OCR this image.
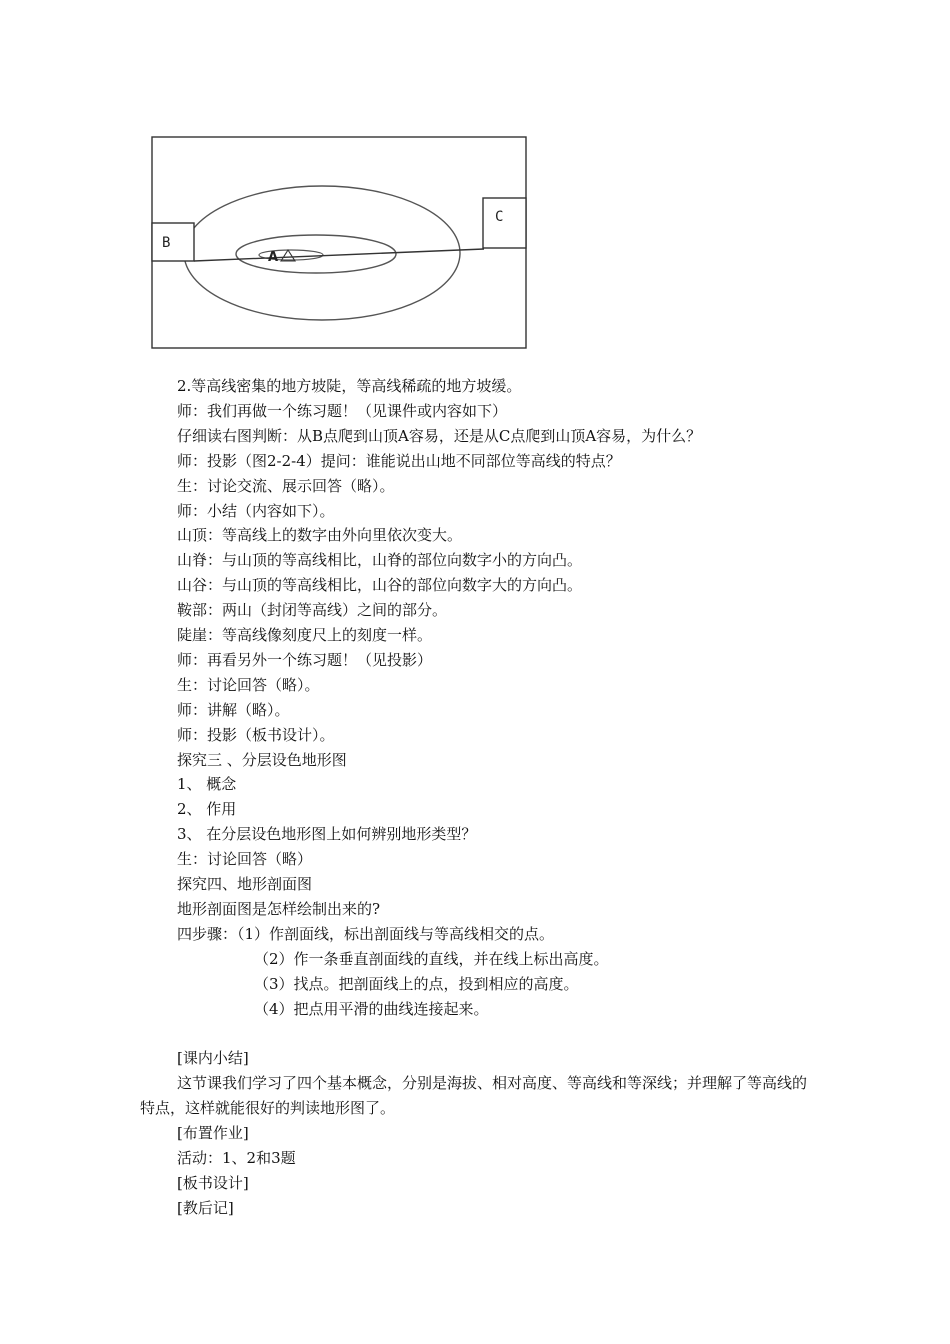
B
C
A

2.等高线密集的地方坡陡，等高线稀疏的地方坡缓。

师：我们再做一个练习题！（见课件或内容如下）

仔细读右图判断：从B点爬到山顶A容易，还是从C点爬到山顶A容易，为什么？

师：投影（图2-2-4）提问：谁能说出山地不同部位等高线的特点？

生：讨论交流、展示回答（略）。

师：小结（内容如下）。

山顶：等高线上的数字由外向里依次变大。

山脊：与山顶的等高线相比，山脊的部位向数字小的方向凸。

山谷：与山顶的等高线相比，山谷的部位向数字大的方向凸。

鞍部：两山（封闭等高线）之间的部分。

陡崖：等高线像刻度尺上的刻度一样。

师：再看另外一个练习题！（见投影）

生：讨论回答（略）。

师：讲解（略）。

师：投影（板书设计）。

探究三 、分层设色地形图

1、 概念

2、 作用

3、 在分层设色地形图上如何辨别地形类型？

生：讨论回答（略）

探究四、地形剖面图

地形剖面图是怎样绘制出来的?

四步骤：（1）作剖面线，标出剖面线与等高线相交的点。

（2）作一条垂直剖面线的直线，并在线上标出高度。

（3）找点。把剖面线上的点，投到相应的高度。

（4）把点用平滑的曲线连接起来。

[课内小结]

这节课我们学习了四个基本概念，分别是海拔、相对高度、等高线和等深线；并理解了等高线的特点，这样就能很好的判读地形图了。

[布置作业]

活动：1、2和3题

[板书设计]

[教后记]
